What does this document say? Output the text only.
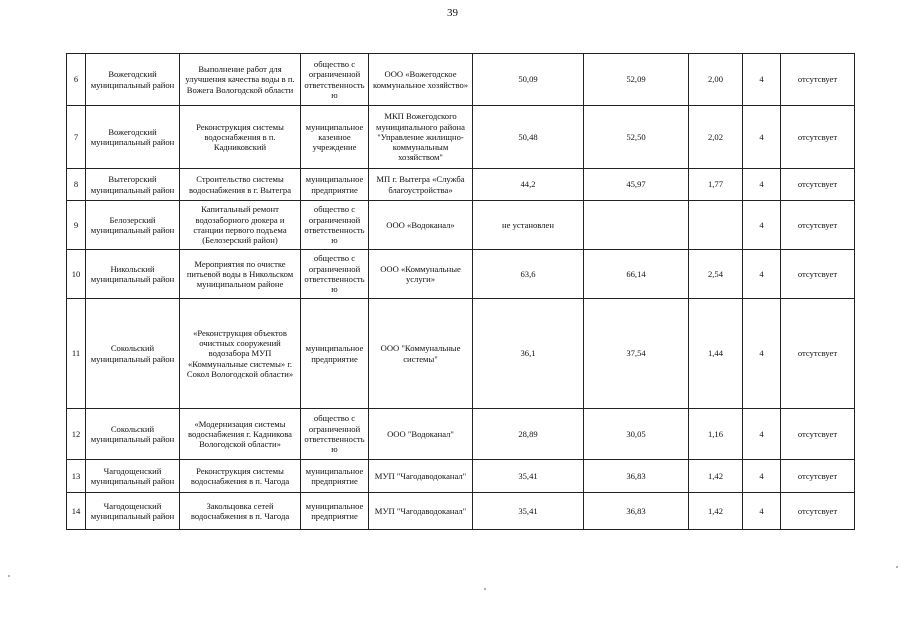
39
6	Вожегодский муниципальный район	Выполнение работ для улучшения качества воды в п. Вожега Вологодской области	общество с ограниченной ответственность ю	ООО «Вожегодское коммунальное хозяйство»	50,09	52,09	2,00	4	отсутсвует
7	Вожегодский муниципальный район	Реконструкция системы водоснабжения в п. Кадниковский	муниципальное казенное учреждение	МКП Вожегодского муниципального района "Управление жилищно-коммунальным хозяйством"	50,48	52,50	2,02	4	отсутсвует
8	Вытегорский муниципальный район	Строительство системы водоснабжения в г. Вытегра	муниципальное предприятие	МП г. Вытегра «Служба благоустройства»	44,2	45,97	1,77	4	отсутсвует
9	Белозерский муниципальный район	Капитальный ремонт водозаборного дюкера и станции первого подъема (Белозерский район)	общество с ограниченной ответственность ю	ООО «Водоканал»	не установлен			4	отсутсвует
10	Никольский муниципальный район	Мероприятия по очистке питьевой воды в Никольском муниципальном районе	общество с ограниченной ответственность ю	ООО «Коммунальные услуги»	63,6	66,14	2,54	4	отсутсвует
11	Сокольский муниципальный район	«Реконструкция объектов очистных сооружений водозабора МУП «Коммунальные системы» г. Сокол Вологодской области»	муниципальное предприятие	ООО "Коммунальные системы"	36,1	37,54	1,44	4	отсутсвует
12	Сокольский муниципальный район	«Модернизация системы водоснабжения г. Кадникова Вологодской области»	общество с ограниченной ответственность ю	ООО "Водоканал"	28,89	30,05	1,16	4	отсутсвует
13	Чагодощенский муниципальный район	Реконструкция системы водоснабжения в п. Чагода	муниципальное предприятие	МУП "Чагодаводоканал"	35,41	36,83	1,42	4	отсутсвует
14	Чагодощенский муниципальный район	Закольцовка сетей водоснабжения в п. Чагода	муниципальное предприятие	МУП "Чагодаводоканал"	35,41	36,83	1,42	4	отсутсвует
